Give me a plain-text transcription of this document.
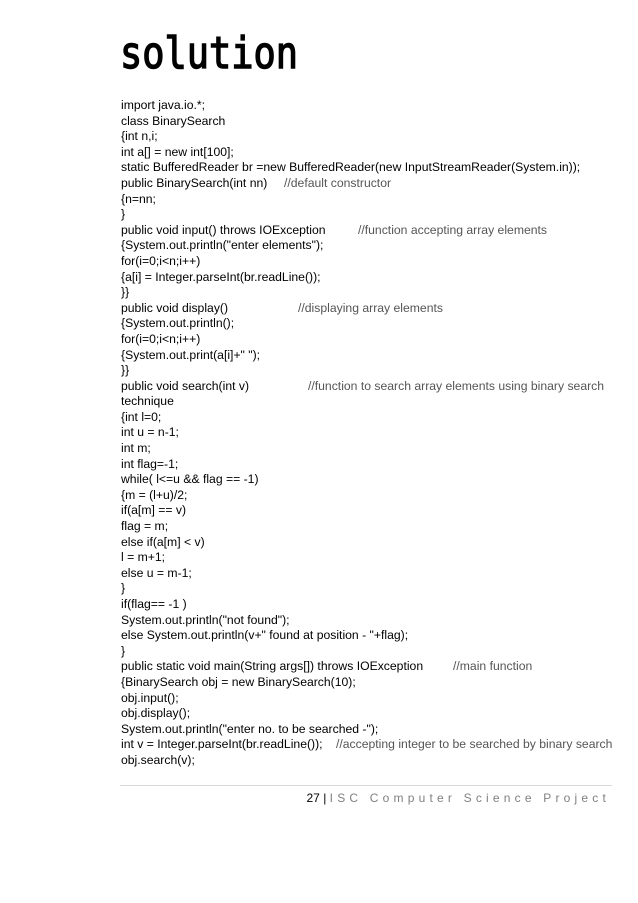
solution
import java.io.*;
class BinarySearch
{int n,i;
int a[] = new int[100];
static BufferedReader br =new BufferedReader(new InputStreamReader(System.in));
public BinarySearch(int nn) //default constructor
{n=nn;
}
public void input() throws IOException	//function accepting array elements
{System.out.println("enter elements");
for(i=0;i<n;i++)
{a[i] = Integer.parseInt(br.readLine());
}}
public void display()	//displaying array elements
{System.out.println();
for(i=0;i<n;i++)
{System.out.print(a[i]+" ");
}}
public void search(int v)	//function to search array elements using binary search
technique
{int l=0;
int u = n-1;
int m;
int flag=-1;
while( l<=u && flag == -1)
{m = (l+u)/2;
if(a[m] == v)
flag = m;
else if(a[m] < v)
l = m+1;
else u = m-1;
}
if(flag== -1 )
System.out.println("not found");
else System.out.println(v+" found at position - "+flag);
}
public static void main(String args[]) throws IOException //main function
{BinarySearch obj = new BinarySearch(10);
obj.input();
obj.display();
System.out.println("enter no. to be searched -");
int v = Integer.parseInt(br.readLine()); //accepting integer to be searched by binary search
obj.search(v);
27 | ISC Computer Science Project
